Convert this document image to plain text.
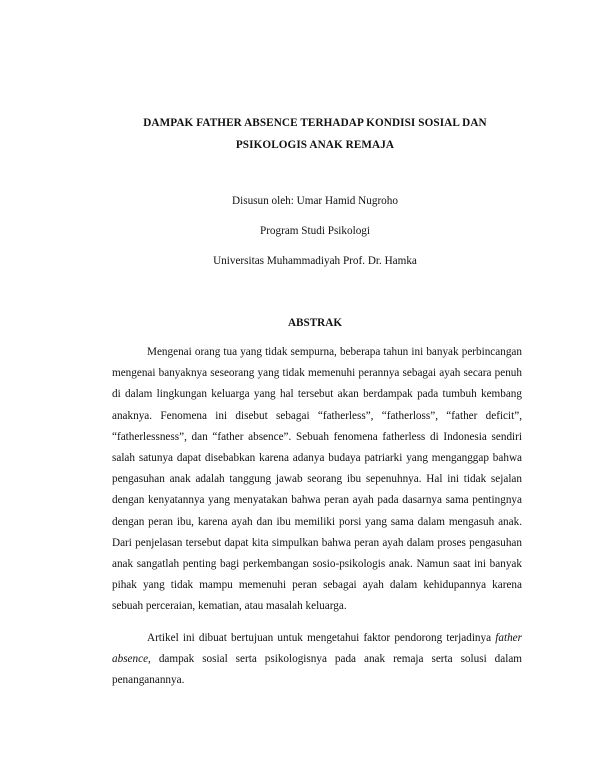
DAMPAK FATHER ABSENCE TERHADAP KONDISI SOSIAL DAN
PSIKOLOGIS ANAK REMAJA
Disusun oleh: Umar Hamid Nugroho
Program Studi Psikologi
Universitas Muhammadiyah Prof. Dr. Hamka
ABSTRAK

Mengenai orang tua yang tidak sempurna, beberapa tahun ini banyak perbincangan mengenai banyaknya seseorang yang tidak memenuhi perannya sebagai ayah secara penuh di dalam lingkungan keluarga yang hal tersebut akan berdampak pada tumbuh kembang anaknya. Fenomena ini disebut sebagai “fatherless”, “fatherloss”, “father deficit”, “fatherlessness”, dan “father absence”. Sebuah fenomena fatherless di Indonesia sendiri salah satunya dapat disebabkan karena adanya budaya patriarki yang menganggap bahwa pengasuhan anak adalah tanggung jawab seorang ibu sepenuhnya. Hal ini tidak sejalan dengan kenyatannya yang menyatakan bahwa peran ayah pada dasarnya sama pentingnya dengan peran ibu, karena ayah dan ibu memiliki porsi yang sama dalam mengasuh anak. Dari penjelasan tersebut dapat kita simpulkan bahwa peran ayah dalam proses pengasuhan anak sangatlah penting bagi perkembangan sosio-psikologis anak. Namun saat ini banyak pihak yang tidak mampu memenuhi peran sebagai ayah dalam kehidupannya karena sebuah perceraian, kematian, atau masalah keluarga.

Artikel ini dibuat bertujuan untuk mengetahui faktor pendorong terjadinya father absence, dampak sosial serta psikologisnya pada anak remaja serta solusi dalam penanganannya.
